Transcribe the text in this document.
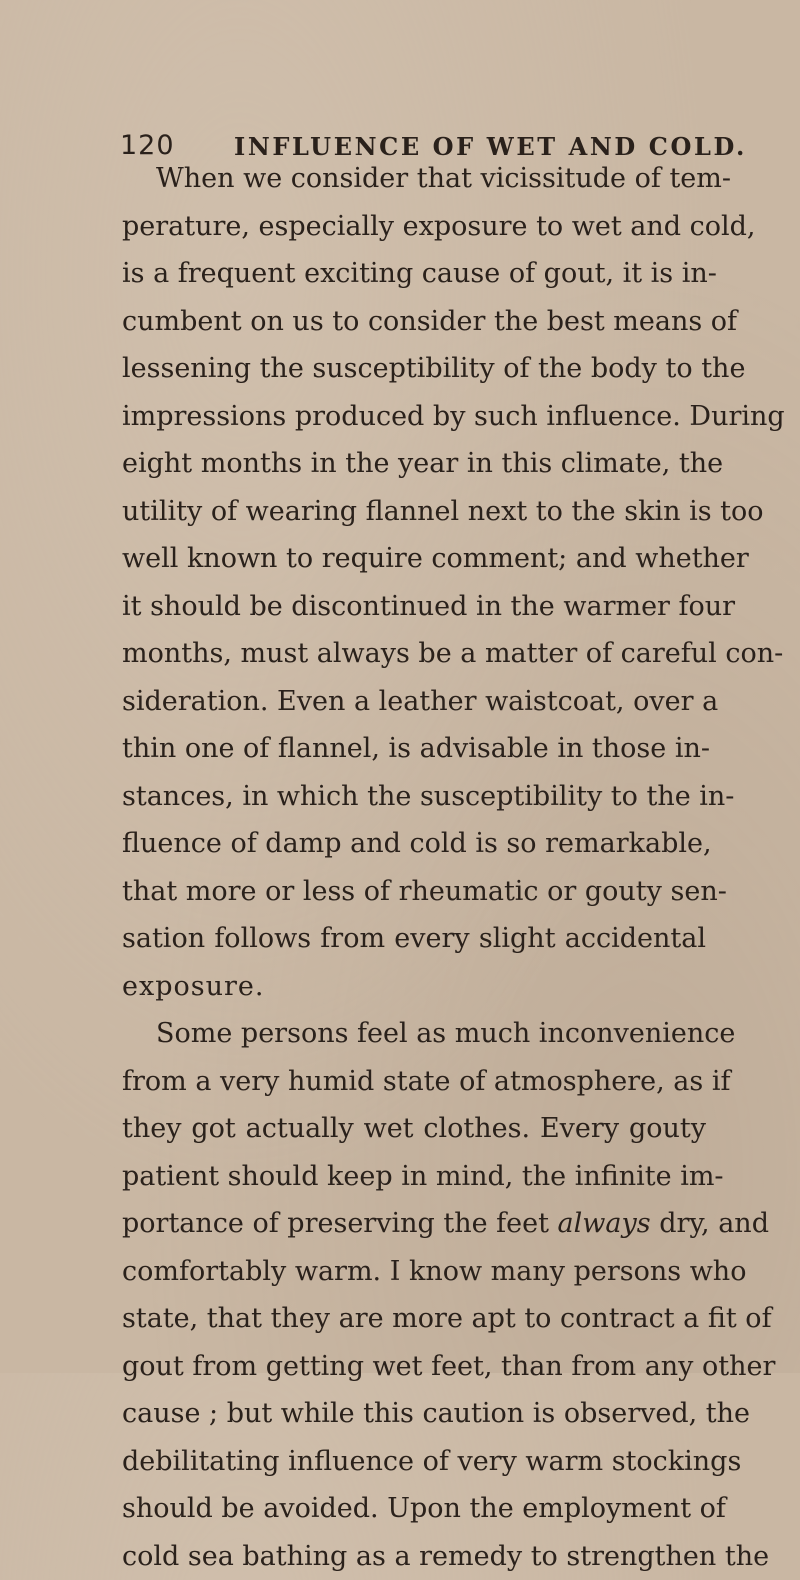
120 INFLUENCE OF WET AND COLD.
When we consider that vicissitude of tem-
perature, especially exposure to wet and cold,
is a frequent exciting cause of gout, it is in-
cumbent on us to consider the best means of
lessening the susceptibility of the body to the
impressions produced by such influence. During
eight months in the year in this climate, the
utility of wearing flannel next to the skin is too
well known to require comment; and whether
it should be discontinued in the warmer four
months, must always be a matter of careful con-
sideration. Even a leather waistcoat, over a
thin one of flannel, is advisable in those in-
stances, in which the susceptibility to the in-
fluence of damp and cold is so remarkable,
that more or less of rheumatic or gouty sen-
sation follows from every slight accidental
exposure.
Some persons feel as much inconvenience
from a very humid state of atmosphere, as if
they got actually wet clothes. Every gouty
patient should keep in mind, the infinite im-
portance of preserving the feet always dry, and
comfortably warm. I know many persons who
state, that they are more apt to contract a fit of
gout from getting wet feet, than from any other
cause ; but while this caution is observed, the
debilitating influence of very warm stockings
should be avoided. Upon the employment of
cold sea bathing as a remedy to strengthen the
